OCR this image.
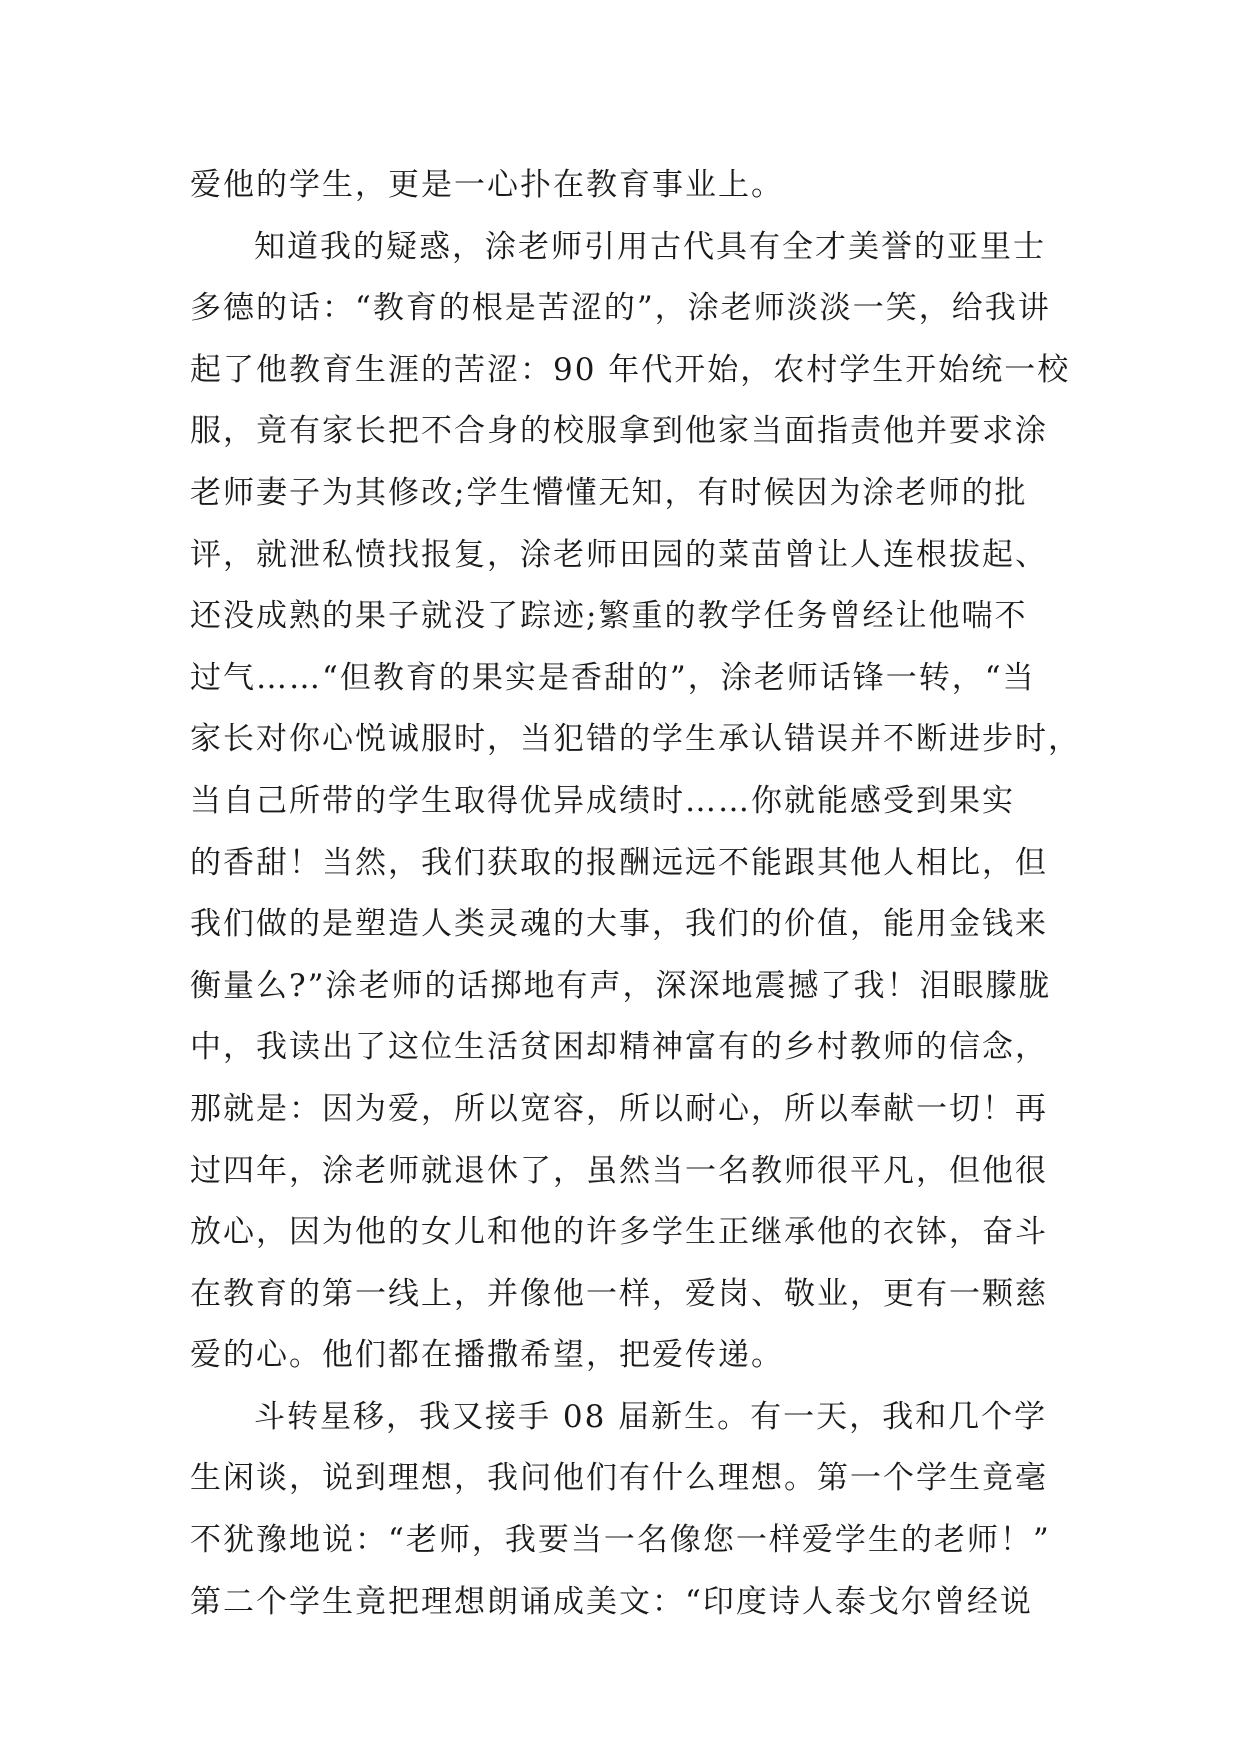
爱他的学生，更是一心扑在教育事业上。
知道我的疑惑，涂老师引用古代具有全才美誉的亚里士
多德的话：“教育的根是苦涩的”，涂老师淡淡一笑，给我讲
起了他教育生涯的苦涩：90 年代开始，农村学生开始统一校
服，竟有家长把不合身的校服拿到他家当面指责他并要求涂
老师妻子为其修改;学生懵懂无知，有时候因为涂老师的批
评，就泄私愤找报复，涂老师田园的菜苗曾让人连根拔起、
还没成熟的果子就没了踪迹;繁重的教学任务曾经让他喘不
过气……“但教育的果实是香甜的”，涂老师话锋一转，“当
家长对你心悦诚服时，当犯错的学生承认错误并不断进步时，
当自己所带的学生取得优异成绩时……你就能感受到果实
的香甜！当然，我们获取的报酬远远不能跟其他人相比，但
我们做的是塑造人类灵魂的大事，我们的价值，能用金钱来
衡量么?”涂老师的话掷地有声，深深地震撼了我！泪眼朦胧
中，我读出了这位生活贫困却精神富有的乡村教师的信念，
那就是：因为爱，所以宽容，所以耐心，所以奉献一切！再
过四年，涂老师就退休了，虽然当一名教师很平凡，但他很
放心，因为他的女儿和他的许多学生正继承他的衣钵，奋斗
在教育的第一线上，并像他一样，爱岗、敬业，更有一颗慈
爱的心。他们都在播撒希望，把爱传递。
斗转星移，我又接手 08 届新生。有一天，我和几个学
生闲谈，说到理想，我问他们有什么理想。第一个学生竟毫
不犹豫地说：“老师，我要当一名像您一样爱学生的老师！”
第二个学生竟把理想朗诵成美文：“印度诗人泰戈尔曾经说
